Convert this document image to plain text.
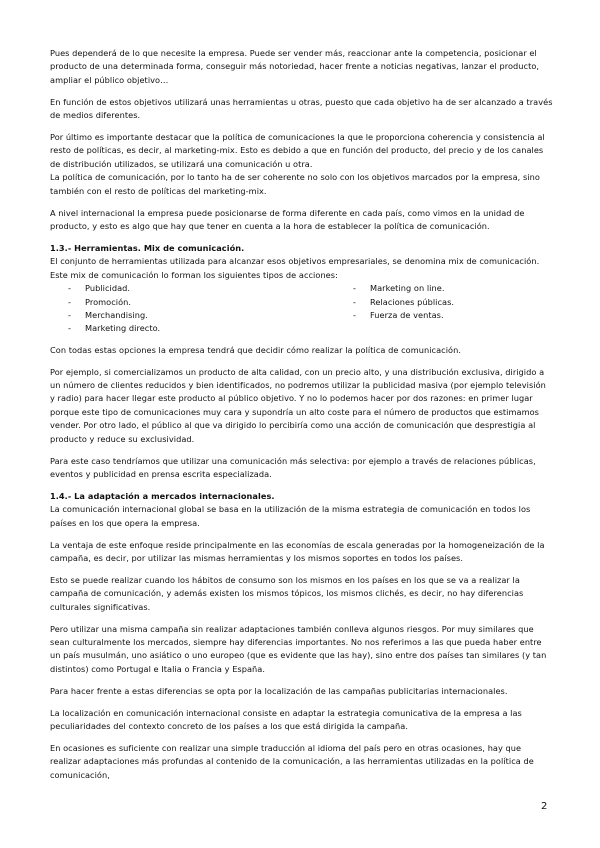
Pues dependerá de lo que necesite la empresa. Puede ser vender más, reaccionar ante la competencia, posicionar el producto de una determinada forma, conseguir más notoriedad, hacer frente a noticias negativas, lanzar el producto, ampliar el público objetivo…

En función de estos objetivos utilizará unas herramientas u otras, puesto que cada objetivo ha de ser alcanzado a través de medios diferentes.

Por último es importante destacar que la política de comunicaciones la que le proporciona coherencia y consistencia al resto de políticas, es decir, al marketing-mix. Esto es debido a que en función del producto, del precio y de los canales de distribución utilizados, se utilizará una comunicación u otra.

La política de comunicación, por lo tanto ha de ser coherente no solo con los objetivos marcados por la empresa, sino también con el resto de políticas del marketing-mix.

A nivel internacional la empresa puede posicionarse de forma diferente en cada país, como vimos en la unidad de producto, y esto es algo que hay que tener en cuenta a la hora de establecer la política de comunicación.

1.3.- Herramientas. Mix de comunicación.

El conjunto de herramientas utilizada para alcanzar esos objetivos empresariales, se denomina mix de comunicación. Este mix de comunicación lo forman los siguientes tipos de acciones:

-	Publicidad.
-	Promoción.
-	Merchandising.
-	Marketing directo.
-	Marketing on line.
-	Relaciones públicas.
-	Fuerza de ventas.

Con todas estas opciones la empresa tendrá que decidir cómo realizar la política de comunicación.

Por ejemplo, si comercializamos un producto de alta calidad, con un precio alto, y una distribución exclusiva, dirigido a un número de clientes reducidos y bien identificados, no podremos utilizar la publicidad masiva (por ejemplo televisión y radio) para hacer llegar este producto al público objetivo. Y no lo podemos hacer por dos razones: en primer lugar porque este tipo de comunicaciones muy cara y supondría un alto coste para el número de productos que estimamos vender. Por otro lado, el público al que va dirigido lo percibiría como una acción de comunicación que desprestigia al producto y reduce su exclusividad.

Para este caso tendríamos que utilizar una comunicación más selectiva: por ejemplo a través de relaciones públicas, eventos y publicidad en prensa escrita especializada.

1.4.- La adaptación a mercados internacionales.

La comunicación internacional global se basa en la utilización de la misma estrategia de comunicación en todos los países en los que opera la empresa.

La ventaja de este enfoque reside principalmente en las economías de escala generadas por la homogeneización de la campaña, es decir, por utilizar las mismas herramientas y los mismos soportes en todos los países.

Esto se puede realizar cuando los hábitos de consumo son los mismos en los países en los que se va a realizar la campaña de comunicación, y además existen los mismos tópicos, los mismos clichés, es decir, no hay diferencias culturales significativas.

Pero utilizar una misma campaña sin realizar adaptaciones también conlleva algunos riesgos. Por muy similares que sean culturalmente los mercados, siempre hay diferencias importantes. No nos referimos a las que pueda haber entre un país musulmán, uno asiático o uno europeo (que es evidente que las hay), sino entre dos países tan similares (y tan distintos) como Portugal e Italia o Francia y España.

Para hacer frente a estas diferencias se opta por la localización de las campañas publicitarias internacionales.

La localización en comunicación internacional consiste en adaptar la estrategia comunicativa de la empresa a las peculiaridades del contexto concreto de los países a los que está dirigida la campaña.

En ocasiones es suficiente con realizar una simple traducción al idioma del país pero en otras ocasiones, hay que realizar adaptaciones más profundas al contenido de la comunicación, a las herramientas utilizadas en la política de comunicación,

2
